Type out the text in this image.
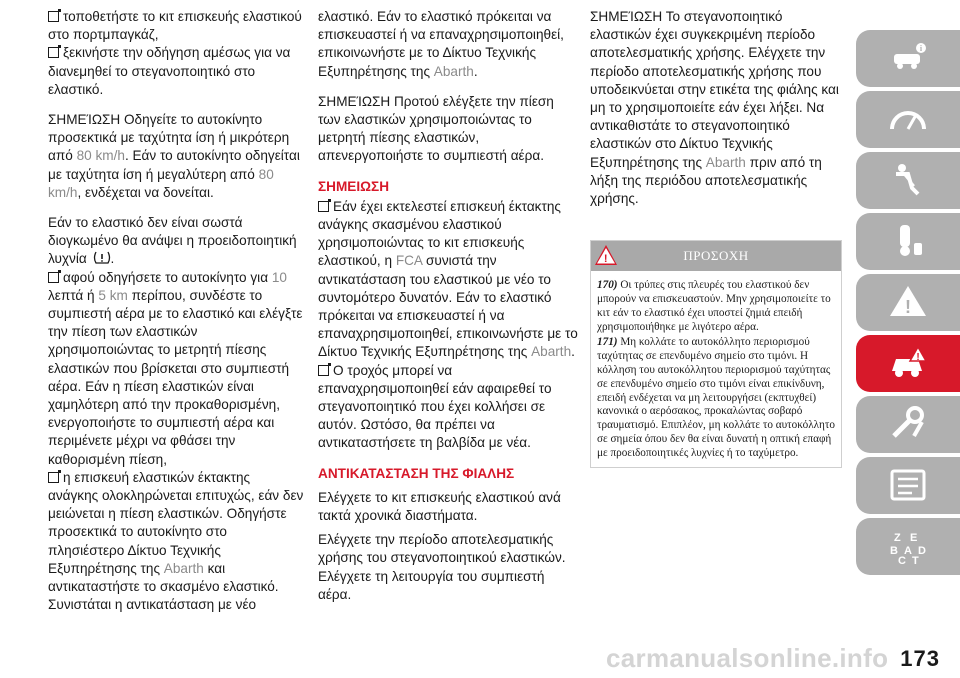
τοποθετήστε το κιτ επισκευής ελαστικού στο πορτμπαγκάζ,
ξεκινήστε την οδήγηση αμέσως για να διανεμηθεί το στεγανοποιητικό στο ελαστικό.

ΣΗΜΕΊΩΣΗ Οδηγείτε το αυτοκίνητο προσεκτικά με ταχύτητα ίση ή μικρότερη από 80 km/h. Εάν το αυτοκίνητο οδηγείται με ταχύτητα ίση ή μεγαλύτερη από 80 km/h, ενδέχεται να δονείται.

Εάν το ελαστικό δεν είναι σωστά διογκωμένο θα ανάψει η προειδοποιητική λυχνία .
αφού οδηγήσετε το αυτοκίνητο για 10 λεπτά ή 5 km περίπου, συνδέστε το συμπιεστή αέρα με το ελαστικό και ελέγξτε την πίεση των ελαστικών χρησιμοποιώντας το μετρητή πίεσης ελαστικών που βρίσκεται στο συμπιεστή αέρα. Εάν η πίεση ελαστικών είναι χαμηλότερη από την προκαθορισμένη, ενεργοποιήστε το συμπιεστή αέρα και περιμένετε μέχρι να φθάσει την καθορισμένη πίεση,
η επισκευή ελαστικών έκτακτης ανάγκης ολοκληρώνεται επιτυχώς, εάν δεν μειώνεται η πίεση ελαστικών. Οδηγήστε προσεκτικά το αυτοκίνητο στο πλησιέστερο Δίκτυο Τεχνικής Εξυπηρέτησης της Abarth και αντικαταστήστε το σκασμένο ελαστικό. Συνιστάται η αντικατάσταση με νέο

ελαστικό. Εάν το ελαστικό πρόκειται να επισκευαστεί ή να επαναχρησιμοποιηθεί, επικοινωνήστε με το Δίκτυο Τεχνικής Εξυπηρέτησης της Abarth.

ΣΗΜΕΊΩΣΗ Προτού ελέγξετε την πίεση των ελαστικών χρησιμοποιώντας το μετρητή πίεσης ελαστικών, απενεργοποιήστε το συμπιεστή αέρα.

ΣΗΜΕΙΩΣΗ

Εάν έχει εκτελεστεί επισκευή έκτακτης ανάγκης σκασμένου ελαστικού χρησιμοποιώντας το κιτ επισκευής ελαστικού, η FCA συνιστά την αντικατάσταση του ελαστικού με νέο το συντομότερο δυνατόν. Εάν το ελαστικό πρόκειται να επισκευαστεί ή να επαναχρησιμοποιηθεί, επικοινωνήστε με το Δίκτυο Τεχνικής Εξυπηρέτησης της Abarth.
Ο τροχός μπορεί να επαναχρησιμοποιηθεί εάν αφαιρεθεί το στεγανοποιητικό που έχει κολλήσει σε αυτόν. Ωστόσο, θα πρέπει να αντικαταστήσετε τη βαλβίδα με νέα.

ΑΝΤΙΚΑΤΑΣΤΑΣΗ ΤΗΣ ΦΙΑΛΗΣ

Ελέγχετε το κιτ επισκευής ελαστικού ανά τακτά χρονικά διαστήματα.

Ελέγχετε την περίοδο αποτελεσματικής χρήσης του στεγανοποιητικού ελαστικών. Ελέγχετε τη λειτουργία του συμπιεστή αέρα.

ΣΗΜΕΊΩΣΗ Το στεγανοποιητικό ελαστικών έχει συγκεκριμένη περίοδο αποτελεσματικής χρήσης. Ελέγχετε την περίοδο αποτελεσματικής χρήσης που υποδεικνύεται στην ετικέτα της φιάλης και μη το χρησιμοποιείτε εάν έχει λήξει. Να αντικαθιστάτε το στεγανοποιητικό ελαστικών στο Δίκτυο Τεχνικής Εξυπηρέτησης της Abarth πριν από τη λήξη της περιόδου αποτελεσματικής χρήσης.

!	ΠΡΟΣΟΧΗ

170) Οι τρύπες στις πλευρές του ελαστικού δεν μπορούν να επισκευαστούν. Μην χρησιμοποιείτε το κιτ εάν το ελαστικό έχει υποστεί ζημιά επειδή χρησιμοποιήθηκε με λιγότερο αέρα.

171) Μη κολλάτε το αυτοκόλλητο περιορισμού ταχύτητας σε επενδυμένο σημείο στο τιμόνι. Η κόλληση του αυτοκόλλητου περιορισμού ταχύτητας σε επενδυμένο σημείο στο τιμόνι είναι επικίνδυνη, επειδή ενδέχεται να μη λειτουργήσει (εκπτυχθεί) κανονικά ο αερόσακος, προκαλώντας σοβαρό τραυματισμό. Επιπλέον, μη κολλάτε το αυτοκόλλητο σε σημεία όπου δεν θα είναι δυνατή η οπτική επαφή με προειδοποιητικές λυχνίες ή το ταχύμετρο.

i
!
!
Z E
B A D
C T
carmanualsonline.info 173
